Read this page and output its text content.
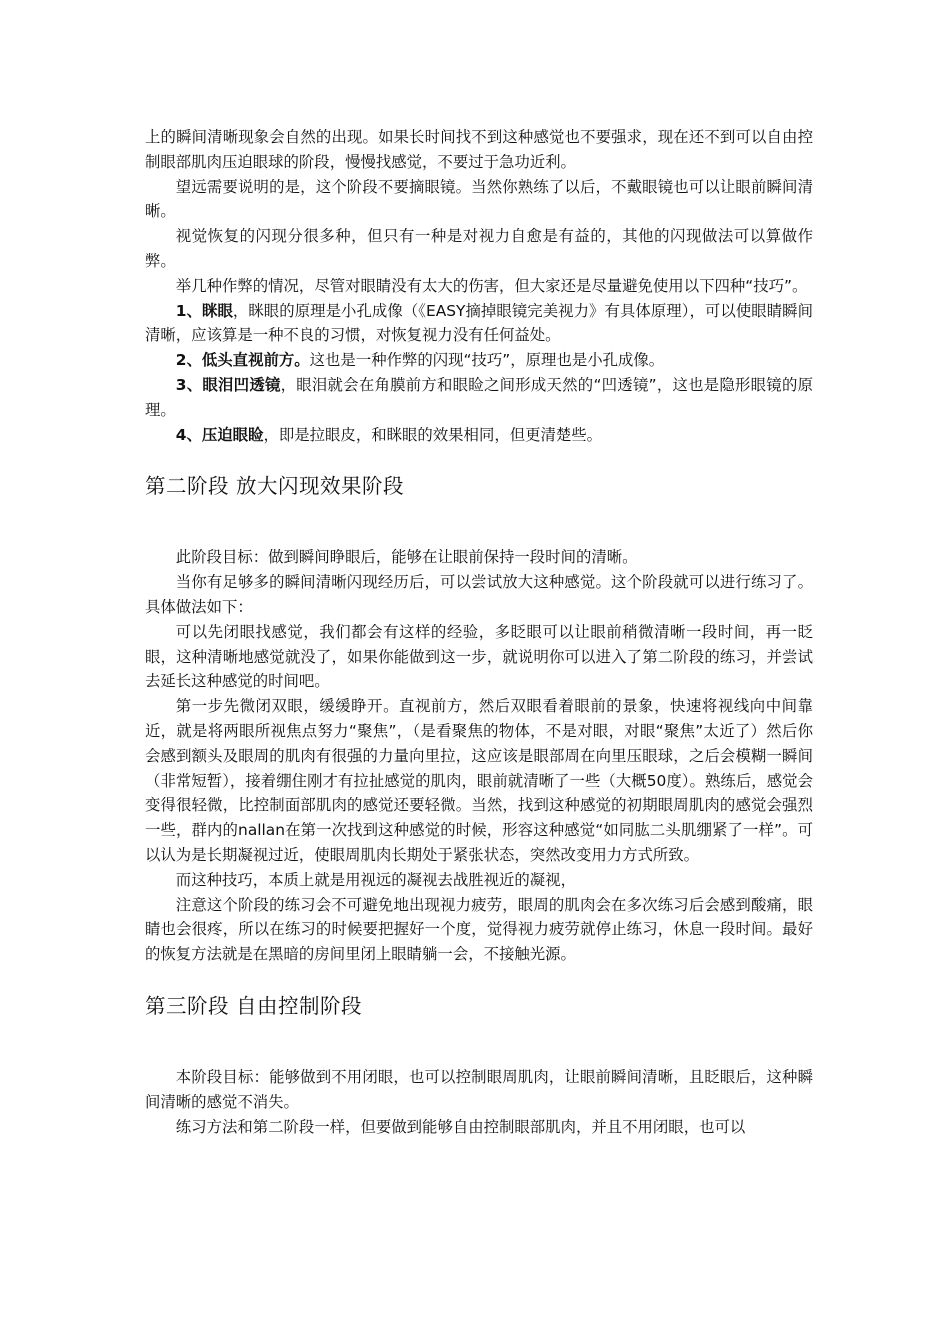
上的瞬间清晰现象会自然的出现。如果长时间找不到这种感觉也不要强求，现在还不到可以自由控制眼部肌肉压迫眼球的阶段，慢慢找感觉，不要过于急功近利。

望远需要说明的是，这个阶段不要摘眼镜。当然你熟练了以后，不戴眼镜也可以让眼前瞬间清晰。

视觉恢复的闪现分很多种，但只有一种是对视力自愈是有益的，其他的闪现做法可以算做作弊。

举几种作弊的情况，尽管对眼睛没有太大的伤害，但大家还是尽量避免使用以下四种“技巧”。

1、眯眼，眯眼的原理是小孔成像（《EASY摘掉眼镜完美视力》有具体原理），可以使眼睛瞬间清晰，应该算是一种不良的习惯，对恢复视力没有任何益处。

2、低头直视前方。这也是一种作弊的闪现“技巧”，原理也是小孔成像。

3、眼泪凹透镜，眼泪就会在角膜前方和眼睑之间形成天然的“凹透镜”，这也是隐形眼镜的原理。

4、压迫眼睑，即是拉眼皮，和眯眼的效果相同，但更清楚些。

第二阶段 放大闪现效果阶段

此阶段目标：做到瞬间睁眼后，能够在让眼前保持一段时间的清晰。

当你有足够多的瞬间清晰闪现经历后，可以尝试放大这种感觉。这个阶段就可以进行练习了。具体做法如下：

可以先闭眼找感觉，我们都会有这样的经验，多眨眼可以让眼前稍微清晰一段时间，再一眨眼，这种清晰地感觉就没了，如果你能做到这一步，就说明你可以进入了第二阶段的练习，并尝试去延长这种感觉的时间吧。

第一步先微闭双眼，缓缓睁开。直视前方，然后双眼看着眼前的景象，快速将视线向中间靠近，就是将两眼所视焦点努力“聚焦”，（是看聚焦的物体，不是对眼，对眼“聚焦”太近了）然后你会感到额头及眼周的肌肉有很强的力量向里拉，这应该是眼部周在向里压眼球，之后会模糊一瞬间（非常短暂），接着绷住刚才有拉扯感觉的肌肉，眼前就清晰了一些（大概50度）。熟练后，感觉会变得很轻微，比控制面部肌肉的感觉还要轻微。当然，找到这种感觉的初期眼周肌肉的感觉会强烈一些，群内的nallan在第一次找到这种感觉的时候，形容这种感觉“如同肱二头肌绷紧了一样”。可以认为是长期凝视过近，使眼周肌肉长期处于紧张状态，突然改变用力方式所致。

而这种技巧，本质上就是用视远的凝视去战胜视近的凝视，

注意这个阶段的练习会不可避免地出现视力疲劳，眼周的肌肉会在多次练习后会感到酸痛，眼睛也会很疼，所以在练习的时候要把握好一个度，觉得视力疲劳就停止练习，休息一段时间。最好的恢复方法就是在黑暗的房间里闭上眼睛躺一会，不接触光源。

第三阶段 自由控制阶段

本阶段目标：能够做到不用闭眼，也可以控制眼周肌肉，让眼前瞬间清晰，且眨眼后，这种瞬间清晰的感觉不消失。

练习方法和第二阶段一样，但要做到能够自由控制眼部肌肉，并且不用闭眼，也可以
